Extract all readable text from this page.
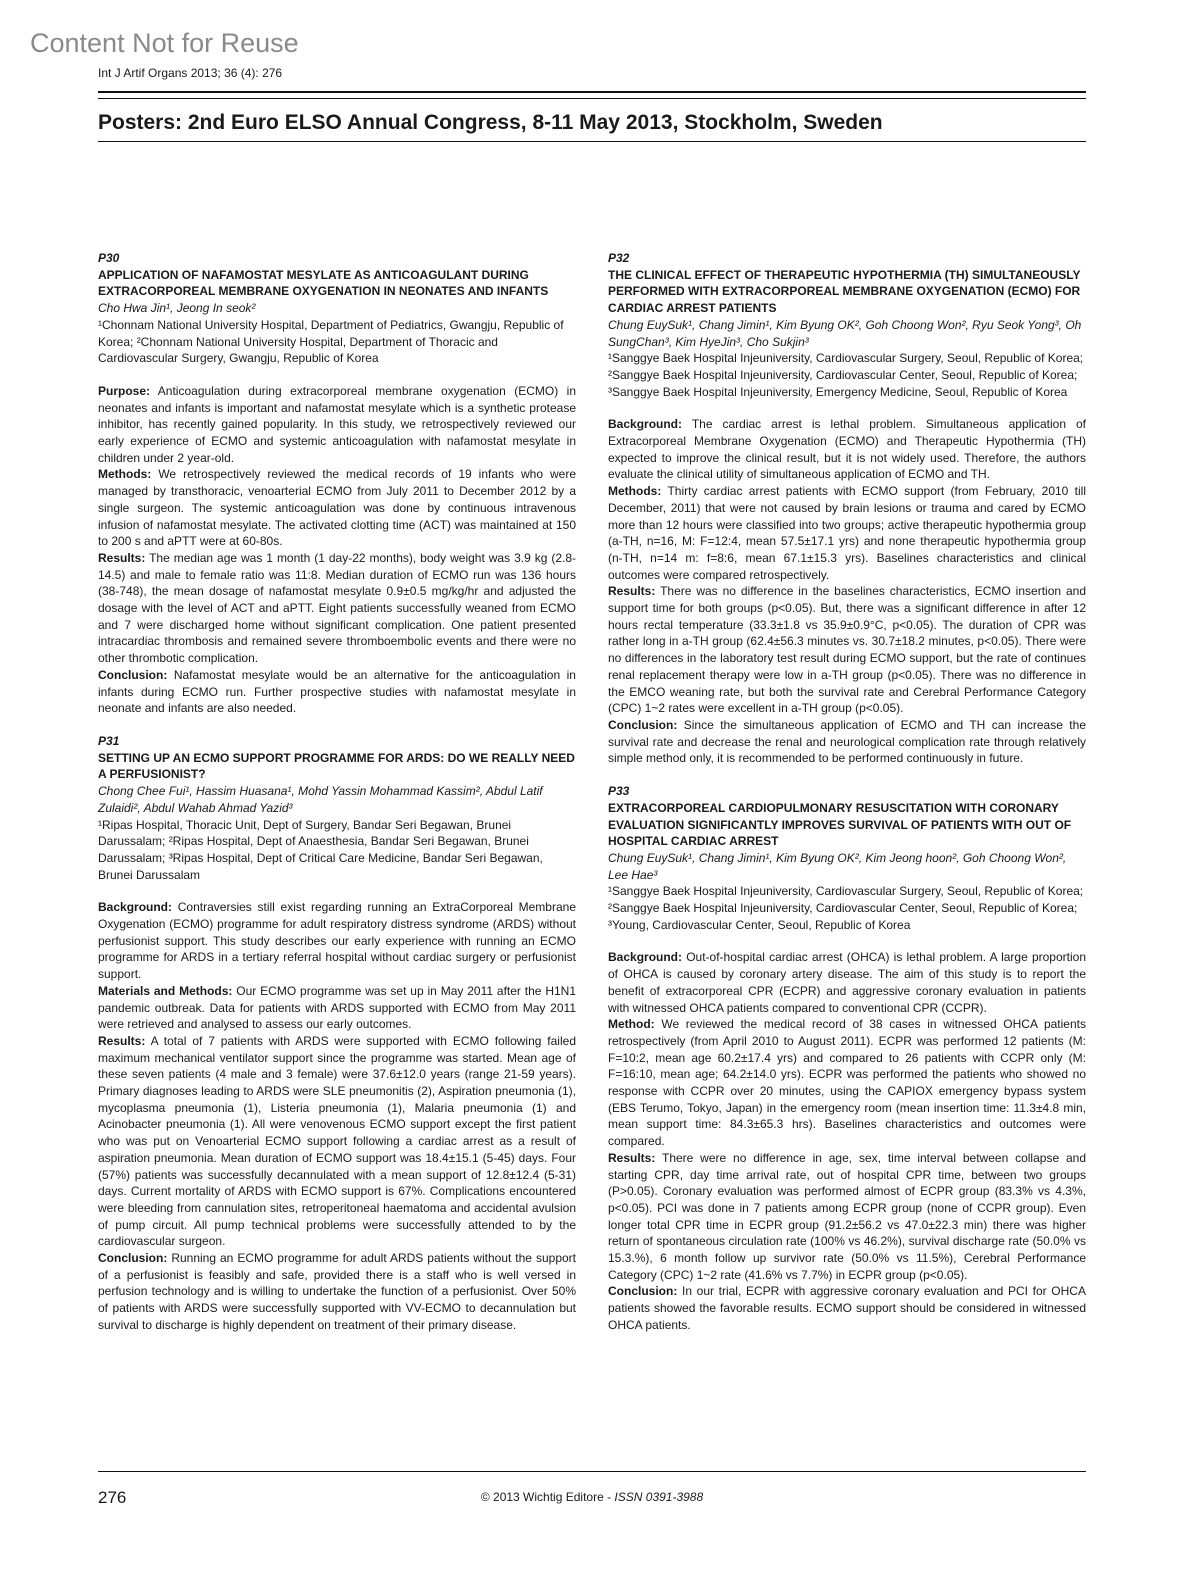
Content Not for Reuse
Int J Artif Organs 2013; 36 (4): 276
Posters: 2nd Euro ELSO Annual Congress, 8-11 May 2013, Stockholm, Sweden
P30
APPLICATION OF NAFAMOSTAT MESYLATE AS ANTICOAGULANT DURING EXTRACORPOREAL MEMBRANE OXYGENATION IN NEONATES AND INFANTS
Cho Hwa Jin¹, Jeong In seok²
¹Chonnam National University Hospital, Department of Pediatrics, Gwangju, Republic of Korea; ²Chonnam National University Hospital, Department of Thoracic and Cardiovascular Surgery, Gwangju, Republic of Korea
Purpose: Anticoagulation during extracorporeal membrane oxygenation (ECMO) in neonates and infants is important and nafamostat mesylate which is a synthetic protease inhibitor, has recently gained popularity. In this study, we retrospectively reviewed our early experience of ECMO and systemic anticoagulation with nafamostat mesylate in children under 2 year-old.
Methods: We retrospectively reviewed the medical records of 19 infants who were managed by transthoracic, venoarterial ECMO from July 2011 to December 2012 by a single surgeon. The systemic anticoagulation was done by continuous intravenous infusion of nafamostat mesylate. The activated clotting time (ACT) was maintained at 150 to 200 s and aPTT were at 60-80s.
Results: The median age was 1 month (1 day-22 months), body weight was 3.9 kg (2.8-14.5) and male to female ratio was 11:8. Median duration of ECMO run was 136 hours (38-748), the mean dosage of nafamostat mesylate 0.9±0.5 mg/kg/hr and adjusted the dosage with the level of ACT and aPTT. Eight patients successfully weaned from ECMO and 7 were discharged home without significant complication. One patient presented intracardiac thrombosis and remained severe thromboembolic events and there were no other thrombotic complication.
Conclusion: Nafamostat mesylate would be an alternative for the anticoagulation in infants during ECMO run. Further prospective studies with nafamostat mesylate in neonate and infants are also needed.
P31
SETTING UP AN ECMO SUPPORT PROGRAMME FOR ARDS: DO WE REALLY NEED A PERFUSIONIST?
Chong Chee Fui¹, Hassim Huasana¹, Mohd Yassin Mohammad Kassim², Abdul Latif Zulaidi², Abdul Wahab Ahmad Yazid³
¹Ripas Hospital, Thoracic Unit, Dept of Surgery, Bandar Seri Begawan, Brunei Darussalam; ²Ripas Hospital, Dept of Anaesthesia, Bandar Seri Begawan, Brunei Darussalam; ³Ripas Hospital, Dept of Critical Care Medicine, Bandar Seri Begawan, Brunei Darussalam
Background: Contraversies still exist regarding running an ExtraCorporeal Membrane Oxygenation (ECMO) programme for adult respiratory distress syndrome (ARDS) without perfusionist support. This study describes our early experience with running an ECMO programme for ARDS in a tertiary referral hospital without cardiac surgery or perfusionist support.
Materials and Methods: Our ECMO programme was set up in May 2011 after the H1N1 pandemic outbreak. Data for patients with ARDS supported with ECMO from May 2011 were retrieved and analysed to assess our early outcomes.
Results: A total of 7 patients with ARDS were supported with ECMO following failed maximum mechanical ventilator support since the programme was started. Mean age of these seven patients (4 male and 3 female) were 37.6±12.0 years (range 21-59 years). Primary diagnoses leading to ARDS were SLE pneumonitis (2), Aspiration pneumonia (1), mycoplasma pneumonia (1), Listeria pneumonia (1), Malaria pneumonia (1) and Acinobacter pneumonia (1). All were venovenous ECMO support except the first patient who was put on Venoarterial ECMO support following a cardiac arrest as a result of aspiration pneumonia. Mean duration of ECMO support was 18.4±15.1 (5-45) days. Four (57%) patients was successfully decannulated with a mean support of 12.8±12.4 (5-31) days. Current mortality of ARDS with ECMO support is 67%. Complications encountered were bleeding from cannulation sites, retroperitoneal haematoma and accidental avulsion of pump circuit. All pump technical problems were successfully attended to by the cardiovascular surgeon.
Conclusion: Running an ECMO programme for adult ARDS patients without the support of a perfusionist is feasibly and safe, provided there is a staff who is well versed in perfusion technology and is willing to undertake the function of a perfusionist. Over 50% of patients with ARDS were successfully supported with VV-ECMO to decannulation but survival to discharge is highly dependent on treatment of their primary disease.
P32
THE CLINICAL EFFECT OF THERAPEUTIC HYPOTHERMIA (TH) SIMULTANEOUSLY PERFORMED WITH EXTRACORPOREAL MEMBRANE OXYGENATION (ECMO) FOR CARDIAC ARREST PATIENTS
Chung EuySuk¹, Chang Jimin¹, Kim Byung OK², Goh Choong Won², Ryu Seok Yong³, Oh SungChan³, Kim HyeJin³, Cho Sukjin³
¹Sanggye Baek Hospital Injeuniversity, Cardiovascular Surgery, Seoul, Republic of Korea; ²Sanggye Baek Hospital Injeuniversity, Cardiovascular Center, Seoul, Republic of Korea; ³Sanggye Baek Hospital Injeuniversity, Emergency Medicine, Seoul, Republic of Korea
Background: The cardiac arrest is lethal problem. Simultaneous application of Extracorporeal Membrane Oxygenation (ECMO) and Therapeutic Hypothermia (TH) expected to improve the clinical result, but it is not widely used. Therefore, the authors evaluate the clinical utility of simultaneous application of ECMO and TH.
Methods: Thirty cardiac arrest patients with ECMO support (from February, 2010 till December, 2011) that were not caused by brain lesions or trauma and cared by ECMO more than 12 hours were classified into two groups; active therapeutic hypothermia group (a-TH, n=16, M: F=12:4, mean 57.5±17.1 yrs) and none therapeutic hypothermia group (n-TH, n=14 m: f=8:6, mean 67.1±15.3 yrs). Baselines characteristics and clinical outcomes were compared retrospectively.
Results: There was no difference in the baselines characteristics, ECMO insertion and support time for both groups (p<0.05). But, there was a significant difference in after 12 hours rectal temperature (33.3±1.8 vs 35.9±0.9°C, p<0.05). The duration of CPR was rather long in a-TH group (62.4±56.3 minutes vs. 30.7±18.2 minutes, p<0.05). There were no differences in the laboratory test result during ECMO support, but the rate of continues renal replacement therapy were low in a-TH group (p<0.05). There was no difference in the EMCO weaning rate, but both the survival rate and Cerebral Performance Category (CPC) 1~2 rates were excellent in a-TH group (p<0.05).
Conclusion: Since the simultaneous application of ECMO and TH can increase the survival rate and decrease the renal and neurological complication rate through relatively simple method only, it is recommended to be performed continuously in future.
P33
EXTRACORPOREAL CARDIOPULMONARY RESUSCITATION WITH CORONARY EVALUATION SIGNIFICANTLY IMPROVES SURVIVAL OF PATIENTS WITH OUT OF HOSPITAL CARDIAC ARREST
Chung EuySuk¹, Chang Jimin¹, Kim Byung OK², Kim Jeong hoon², Goh Choong Won², Lee Hae³
¹Sanggye Baek Hospital Injeuniversity, Cardiovascular Surgery, Seoul, Republic of Korea; ²Sanggye Baek Hospital Injeuniversity, Cardiovascular Center, Seoul, Republic of Korea; ³Young, Cardiovascular Center, Seoul, Republic of Korea
Background: Out-of-hospital cardiac arrest (OHCA) is lethal problem. A large proportion of OHCA is caused by coronary artery disease. The aim of this study is to report the benefit of extracorporeal CPR (ECPR) and aggressive coronary evaluation in patients with witnessed OHCA patients compared to conventional CPR (CCPR).
Method: We reviewed the medical record of 38 cases in witnessed OHCA patients retrospectively (from April 2010 to August 2011). ECPR was performed 12 patients (M: F=10:2, mean age 60.2±17.4 yrs) and compared to 26 patients with CCPR only (M: F=16:10, mean age; 64.2±14.0 yrs). ECPR was performed the patients who showed no response with CCPR over 20 minutes, using the CAPIOX emergency bypass system (EBS Terumo, Tokyo, Japan) in the emergency room (mean insertion time: 11.3±4.8 min, mean support time: 84.3±65.3 hrs). Baselines characteristics and outcomes were compared.
Results: There were no difference in age, sex, time interval between collapse and starting CPR, day time arrival rate, out of hospital CPR time, between two groups (P>0.05). Coronary evaluation was performed almost of ECPR group (83.3% vs 4.3%, p<0.05). PCI was done in 7 patients among ECPR group (none of CCPR group). Even longer total CPR time in ECPR group (91.2±56.2 vs 47.0±22.3 min) there was higher return of spontaneous circulation rate (100% vs 46.2%), survival discharge rate (50.0% vs 15.3.%), 6 month follow up survivor rate (50.0% vs 11.5%), Cerebral Performance Category (CPC) 1~2 rate (41.6% vs 7.7%) in ECPR group (p<0.05).
Conclusion: In our trial, ECPR with aggressive coronary evaluation and PCI for OHCA patients showed the favorable results. ECMO support should be considered in witnessed OHCA patients.
276	© 2013 Wichtig Editore - ISSN 0391-3988
